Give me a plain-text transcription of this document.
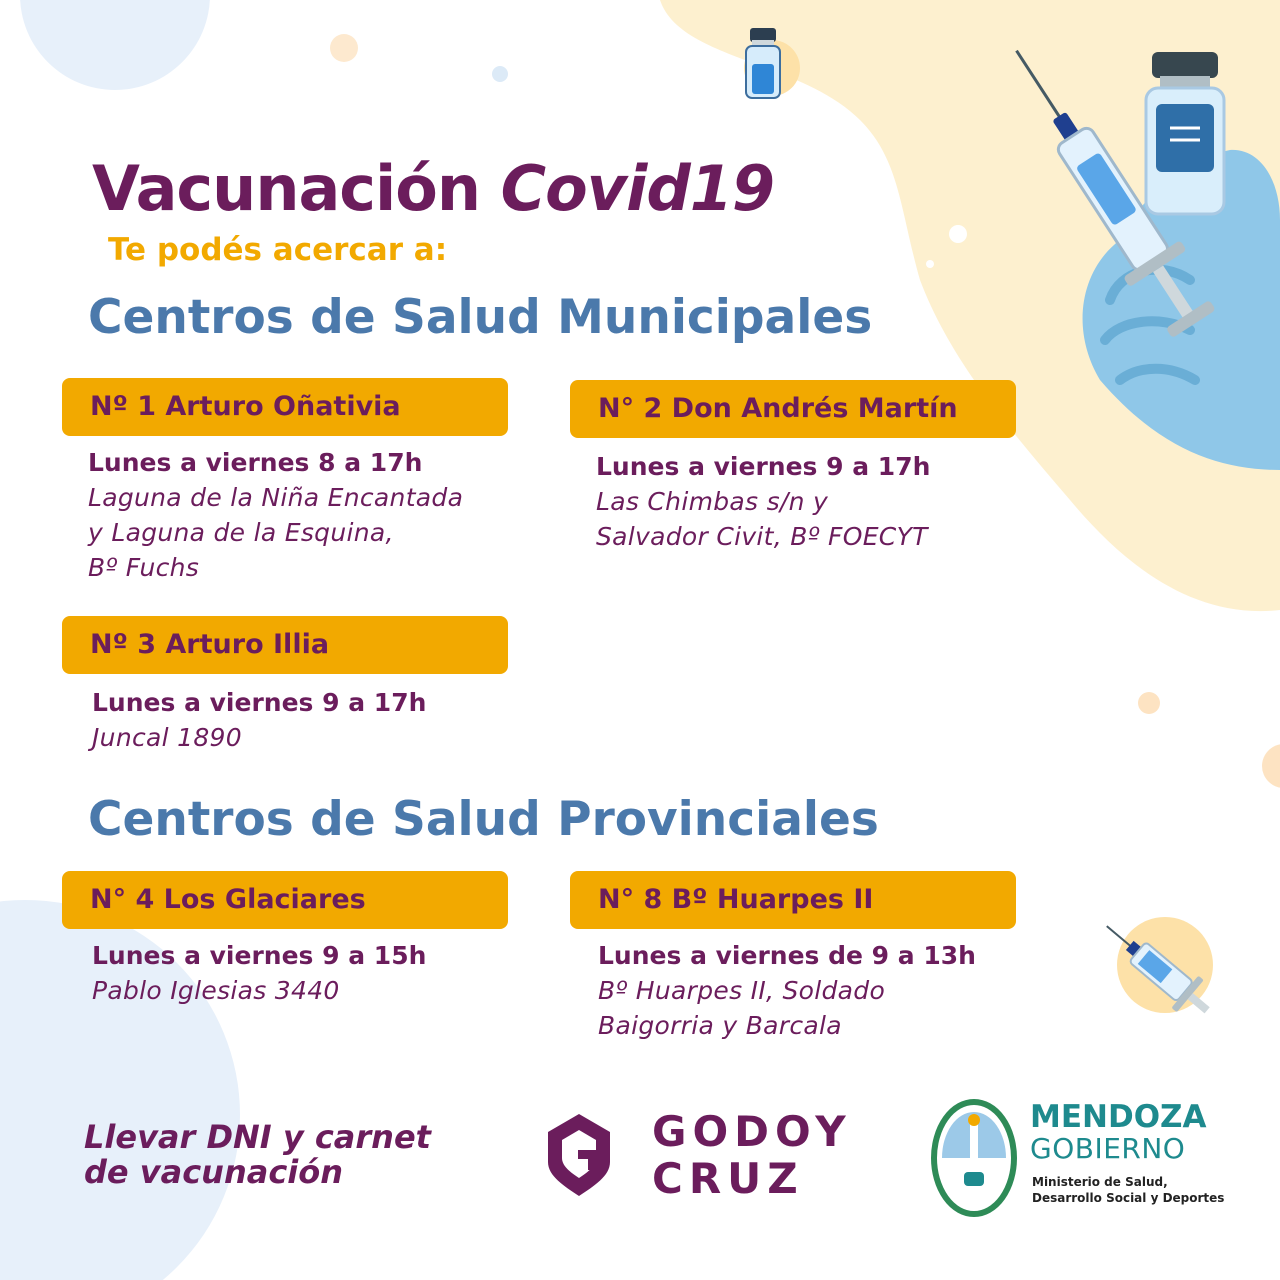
Vacunación Covid19

Te podés acercar a:

Centros de Salud Municipales
Nº 1 Arturo Oñativia
Lunes a viernes 8 a 17h
Laguna de la Niña Encantada
y Laguna de la Esquina,
Bº Fuchs
N° 2 Don Andrés Martín
Lunes a viernes 9 a 17h
Las Chimbas s/n y
Salvador Civit, Bº FOECYT
Nº 3 Arturo Illia
Lunes a viernes 9 a 17h
Juncal 1890
Centros de Salud Provinciales
N° 4 Los Glaciares
Lunes a viernes 9 a 15h
Pablo Iglesias 3440
N° 8 Bº Huarpes II
Lunes a viernes de 9 a 13h
Bº Huarpes II, Soldado
Baigorria y Barcala

Llevar DNI y carnet
de vacunación

GODOY
CRUZ

MENDOZA

GOBIERNO

Ministerio de Salud,
Desarrollo Social y Deportes
